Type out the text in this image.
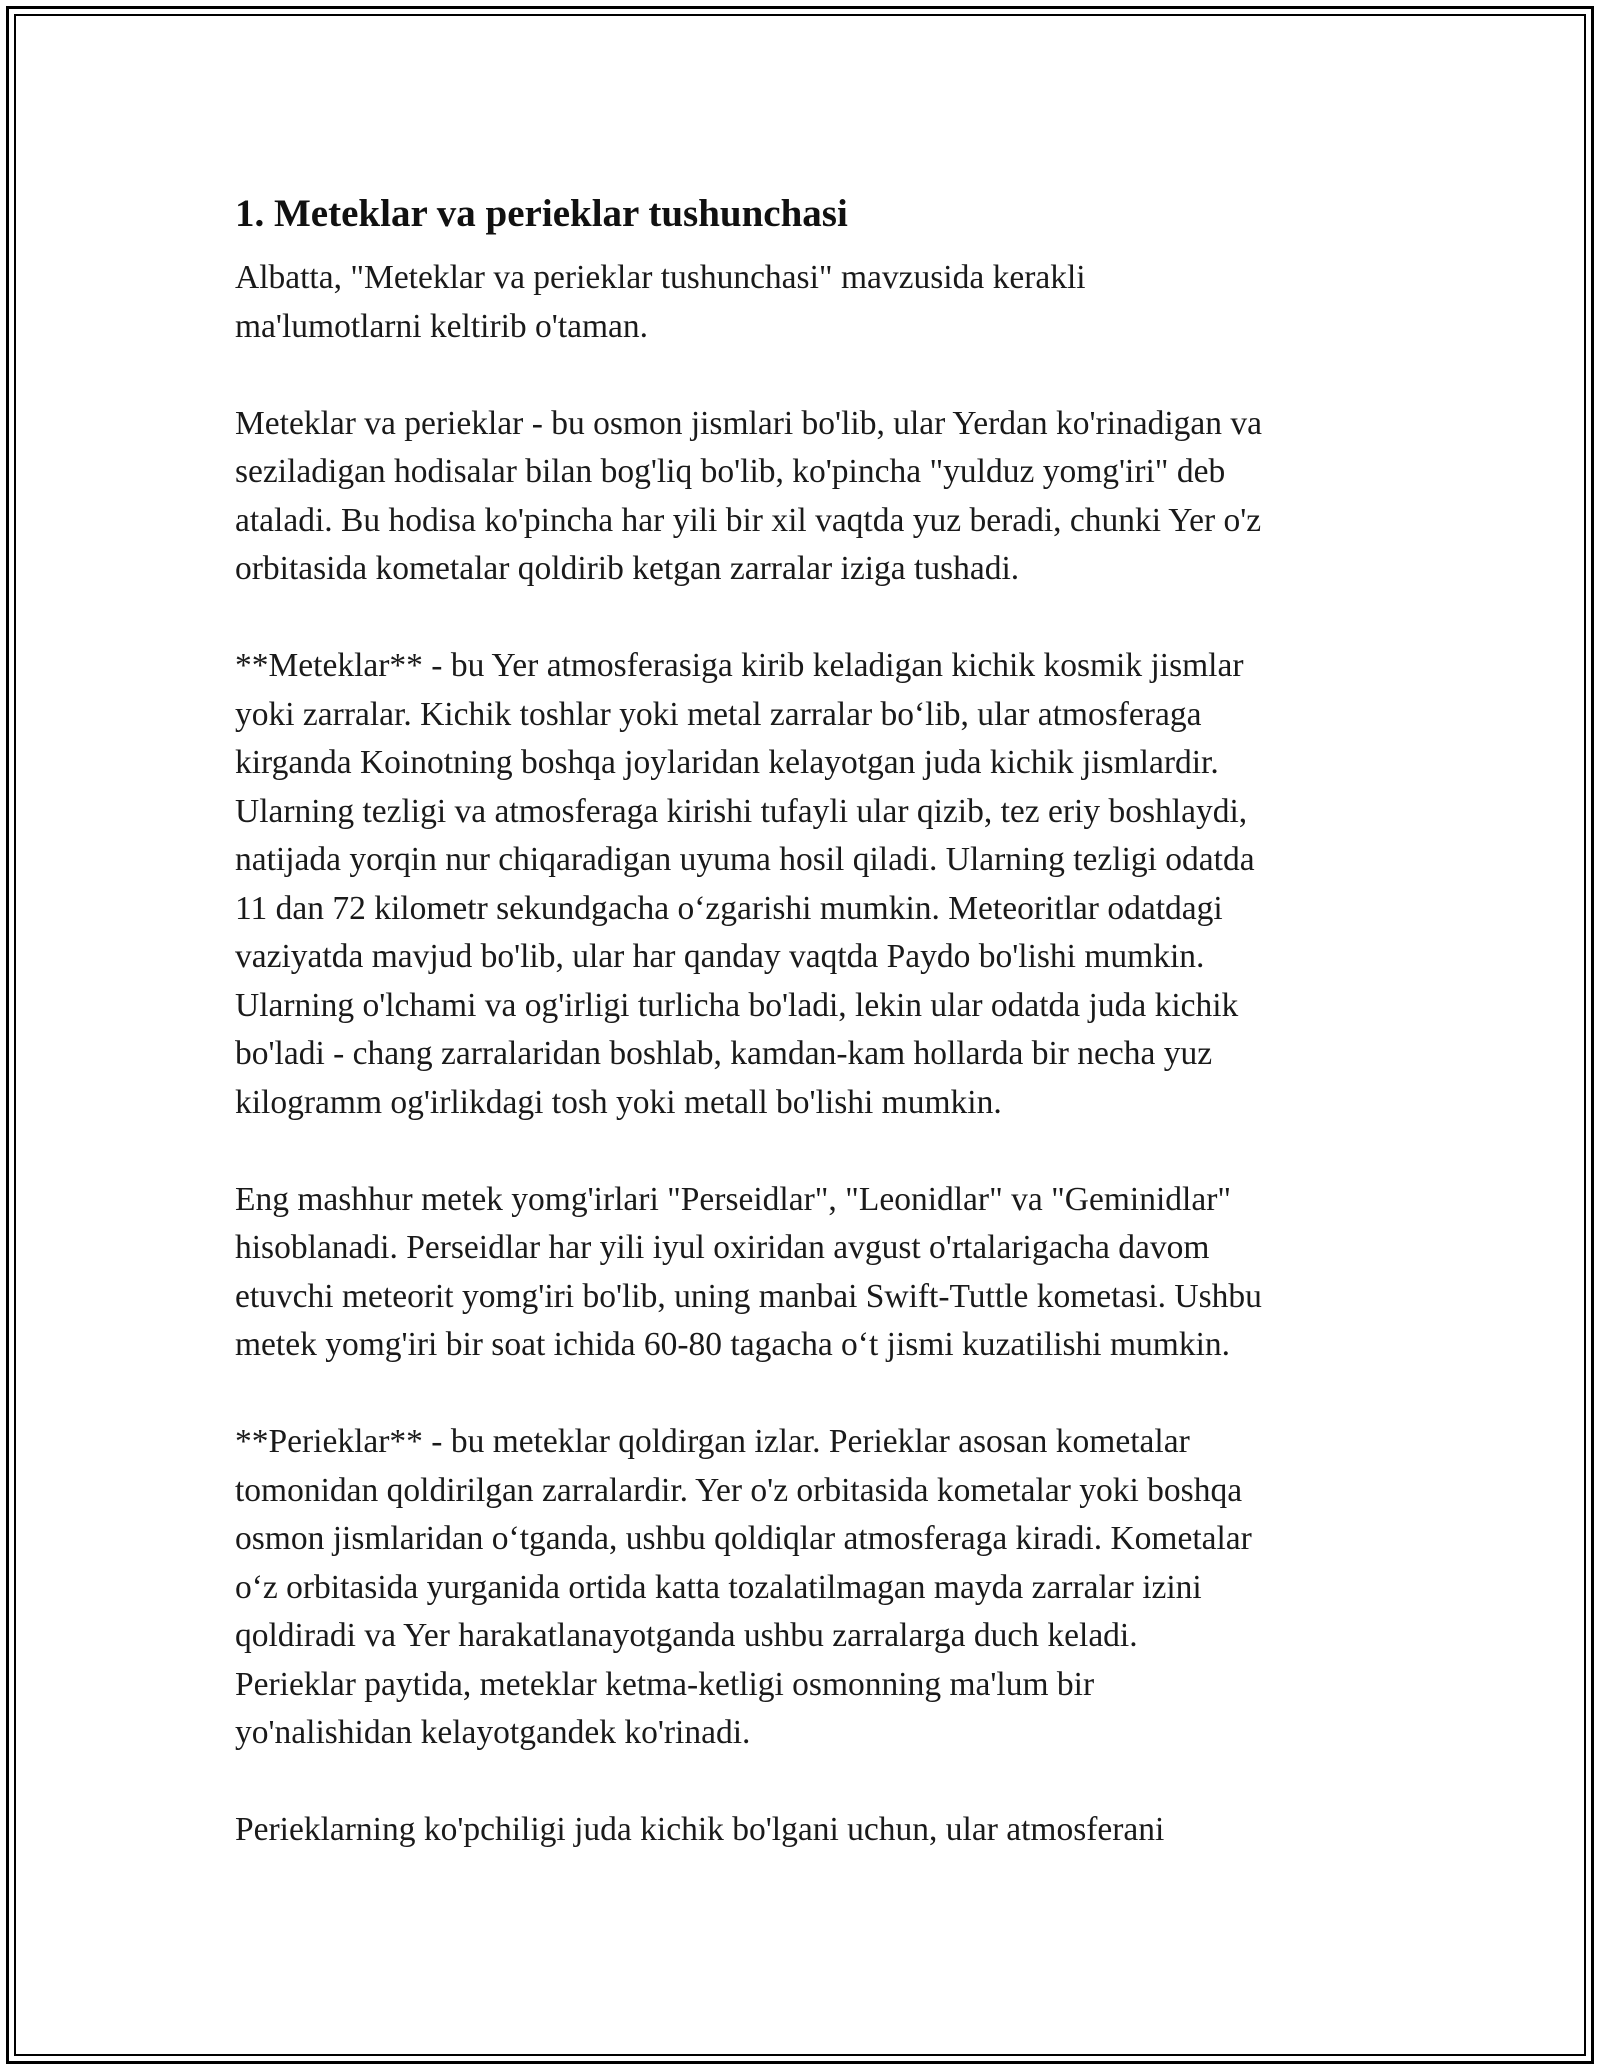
1. Meteklar va perieklar tushunchasi

Albatta, "Meteklar va perieklar tushunchasi" mavzusida kerakli
ma'lumotlarni keltirib o'taman.

Meteklar va perieklar - bu osmon jismlari bo'lib, ular Yerdan ko'rinadigan va
seziladigan hodisalar bilan bog'liq bo'lib, ko'pincha "yulduz yomg'iri" deb
ataladi. Bu hodisa ko'pincha har yili bir xil vaqtda yuz beradi, chunki Yer o'z
orbitasida kometalar qoldirib ketgan zarralar iziga tushadi.

**Meteklar** - bu Yer atmosferasiga kirib keladigan kichik kosmik jismlar
yoki zarralar. Kichik toshlar yoki metal zarralar bo‘lib, ular atmosferaga
kirganda Koinotning boshqa joylaridan kelayotgan juda kichik jismlardir.
Ularning tezligi va atmosferaga kirishi tufayli ular qizib, tez eriy boshlaydi,
natijada yorqin nur chiqaradigan uyuma hosil qiladi. Ularning tezligi odatda
11 dan 72 kilometr sekundgacha o‘zgarishi mumkin. Meteoritlar odatdagi
vaziyatda mavjud bo'lib, ular har qanday vaqtda Paydo bo'lishi mumkin.
Ularning o'lchami va og'irligi turlicha bo'ladi, lekin ular odatda juda kichik
bo'ladi - chang zarralaridan boshlab, kamdan-kam hollarda bir necha yuz
kilogramm og'irlikdagi tosh yoki metall bo'lishi mumkin.

Eng mashhur metek yomg'irlari "Perseidlar", "Leonidlar" va "Geminidlar"
hisoblanadi. Perseidlar har yili iyul oxiridan avgust o'rtalarigacha davom
etuvchi meteorit yomg'iri bo'lib, uning manbai Swift-Tuttle kometasi. Ushbu
metek yomg'iri bir soat ichida 60-80 tagacha o‘t jismi kuzatilishi mumkin.

**Perieklar** - bu meteklar qoldirgan izlar. Perieklar asosan kometalar
tomonidan qoldirilgan zarralardir. Yer o'z orbitasida kometalar yoki boshqa
osmon jismlaridan o‘tganda, ushbu qoldiqlar atmosferaga kiradi. Kometalar
o‘z orbitasida yurganida ortida katta tozalatilmagan mayda zarralar izini
qoldiradi va Yer harakatlanayotganda ushbu zarralarga duch keladi.
Perieklar paytida, meteklar ketma-ketligi osmonning ma'lum bir
yo'nalishidan kelayotgandek ko'rinadi.

Perieklarning ko'pchiligi juda kichik bo'lgani uchun, ular atmosferani
